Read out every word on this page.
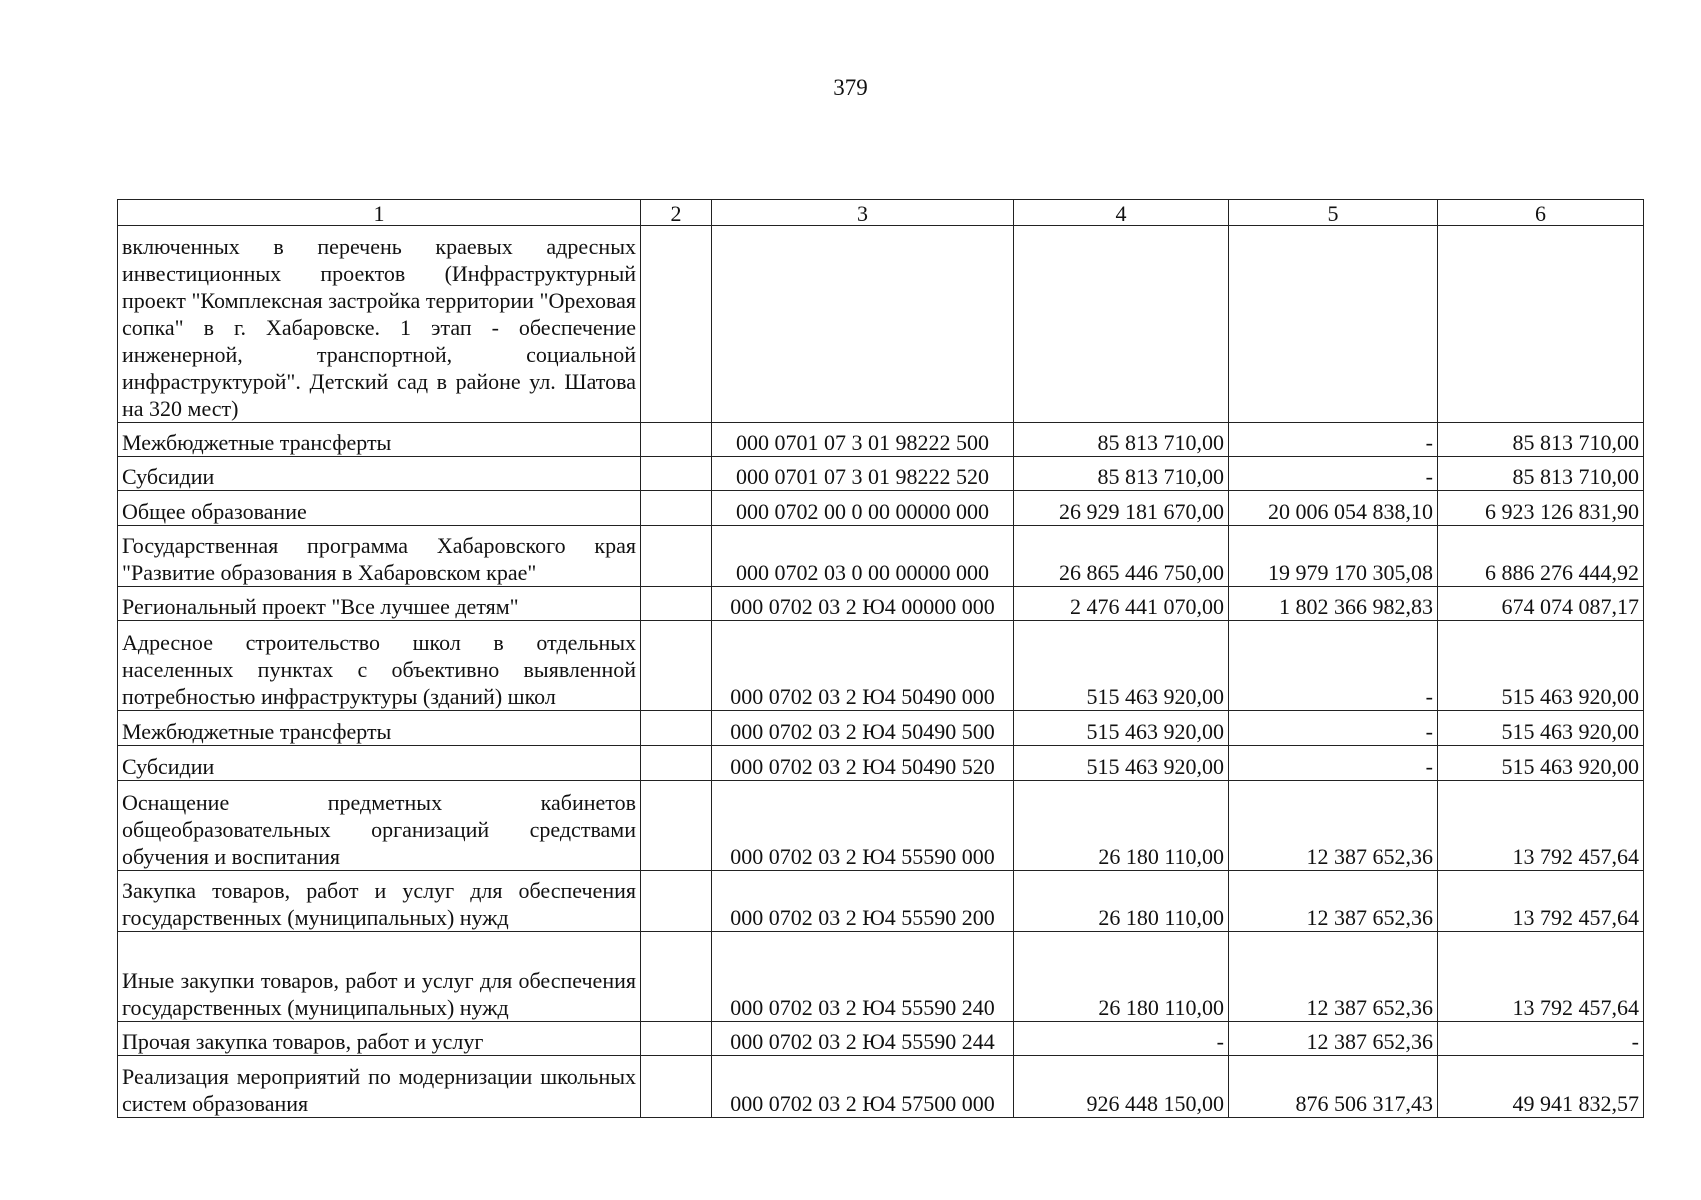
379
1	2	3	4	5	6
включенных в перечень краевых адресных инвестиционных проектов (Инфраструктурный проект "Комплексная застройка территории "Ореховая сопка" в г. Хабаровске. 1 этап - обеспечение инженерной, транспортной, социальной инфраструктурой". Детский сад в районе ул. Шатова на 320 мест)					
Межбюджетные трансферты		000 0701 07 3 01 98222 500	85 813 710,00	-	85 813 710,00
Субсидии		000 0701 07 3 01 98222 520	85 813 710,00	-	85 813 710,00
Общее образование		000 0702 00 0 00 00000 000	26 929 181 670,00	20 006 054 838,10	6 923 126 831,90
Государственная программа Хабаровского края "Развитие образования в Хабаровском крае"		000 0702 03 0 00 00000 000	26 865 446 750,00	19 979 170 305,08	6 886 276 444,92
Региональный проект "Все лучшее детям"		000 0702 03 2 Ю4 00000 000	2 476 441 070,00	1 802 366 982,83	674 074 087,17
Адресное строительство школ в отдельных населенных пунктах с объективно выявленной потребностью инфраструктуры (зданий) школ		000 0702 03 2 Ю4 50490 000	515 463 920,00	-	515 463 920,00
Межбюджетные трансферты		000 0702 03 2 Ю4 50490 500	515 463 920,00	-	515 463 920,00
Субсидии		000 0702 03 2 Ю4 50490 520	515 463 920,00	-	515 463 920,00
Оснащение предметных кабинетов общеобразовательных организаций средствами обучения и воспитания		000 0702 03 2 Ю4 55590 000	26 180 110,00	12 387 652,36	13 792 457,64
Закупка товаров, работ и услуг для обеспечения государственных (муниципальных) нужд		000 0702 03 2 Ю4 55590 200	26 180 110,00	12 387 652,36	13 792 457,64
Иные закупки товаров, работ и услуг для обеспечения государственных (муниципальных) нужд		000 0702 03 2 Ю4 55590 240	26 180 110,00	12 387 652,36	13 792 457,64
Прочая закупка товаров, работ и услуг		000 0702 03 2 Ю4 55590 244	-	12 387 652,36	-
Реализация мероприятий по модернизации школьных систем образования		000 0702 03 2 Ю4 57500 000	926 448 150,00	876 506 317,43	49 941 832,57
